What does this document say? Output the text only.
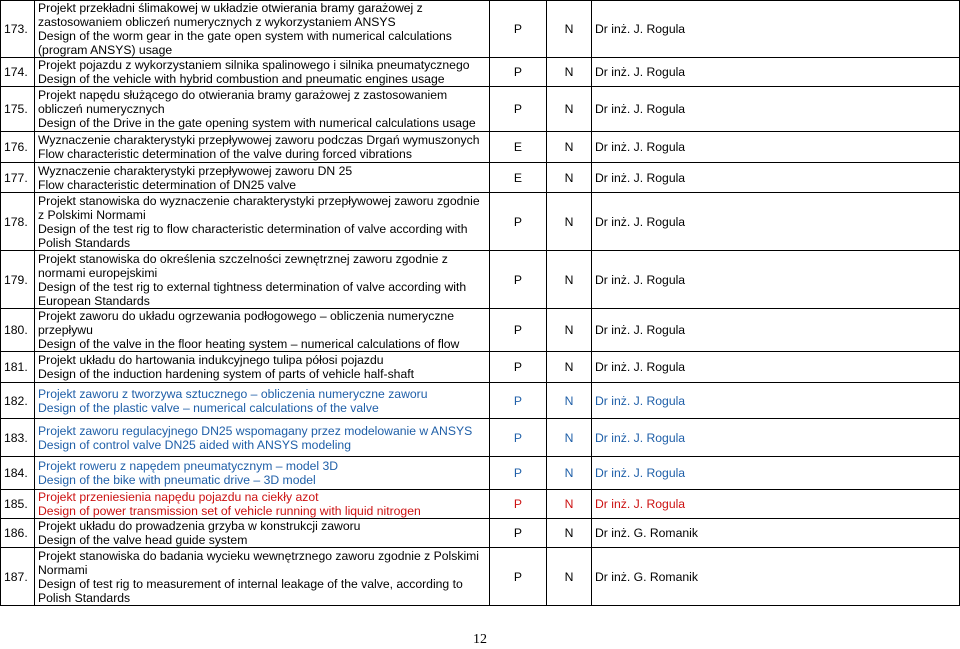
173.	Projekt przekładni ślimakowej w układzie otwierania bramy garażowej z zastosowaniem obliczeń numerycznych z wykorzystaniem ANSYS
Design of the worm gear in the gate open system with numerical calculations (program ANSYS) usage	P	N	Dr inż. J. Rogula
174.	Projekt pojazdu z wykorzystaniem silnika spalinowego i silnika pneumatycznego
Design of the vehicle with hybrid combustion and pneumatic engines usage	P	N	Dr inż. J. Rogula
175.	Projekt napędu służącego do otwierania bramy garażowej z zastosowaniem obliczeń numerycznych
Design of the Drive in the gate opening system with numerical calculations usage	P	N	Dr inż. J. Rogula
176.	Wyznaczenie charakterystyki przepływowej zaworu podczas Drgań wymuszonych
Flow characteristic determination of the valve during forced vibrations	E	N	Dr inż. J. Rogula
177.	Wyznaczenie charakterystyki przepływowej zaworu DN 25
Flow characteristic determination of DN25 valve	E	N	Dr inż. J. Rogula
178.	Projekt stanowiska do wyznaczenie charakterystyki przepływowej zaworu zgodnie z Polskimi Normami
Design of the test rig to flow characteristic determination of valve according with Polish Standards	P	N	Dr inż. J. Rogula
179.	Projekt stanowiska do określenia szczelności zewnętrznej zaworu zgodnie z normami europejskimi
Design of the test rig to external tightness determination of valve according with European Standards	P	N	Dr inż. J. Rogula
180.	Projekt zaworu do układu ogrzewania podłogowego – obliczenia numeryczne przepływu
Design of the valve in the floor heating system – numerical calculations of flow	P	N	Dr inż. J. Rogula
181.	Projekt układu do hartowania indukcyjnego tulipa półosi pojazdu
Design of the induction hardening system of parts of vehicle half-shaft	P	N	Dr inż. J. Rogula
182.	Projekt zaworu z tworzywa sztucznego – obliczenia numeryczne zaworu
Design of the plastic valve – numerical calculations of the valve	P	N	Dr inż. J. Rogula
183.	Projekt zaworu regulacyjnego DN25 wspomagany przez modelowanie w ANSYS
Design of control valve DN25 aided with ANSYS modeling	P	N	Dr inż. J. Rogula
184.	Projekt roweru z napędem pneumatycznym – model 3D
Design of the bike with pneumatic drive – 3D model	P	N	Dr inż. J. Rogula
185.	Projekt przeniesienia napędu pojazdu na ciekły azot
Design of power transmission set of vehicle running with liquid nitrogen	P	N	Dr inż. J. Rogula
186.	Projekt układu do prowadzenia grzyba w konstrukcji zaworu
Design of the valve head guide system	P	N	Dr inż. G. Romanik
187.	Projekt stanowiska do badania wycieku wewnętrznego zaworu zgodnie z Polskimi Normami
Design of test rig to measurement of internal leakage of the valve, according to Polish Standards	P	N	Dr inż. G. Romanik
12
